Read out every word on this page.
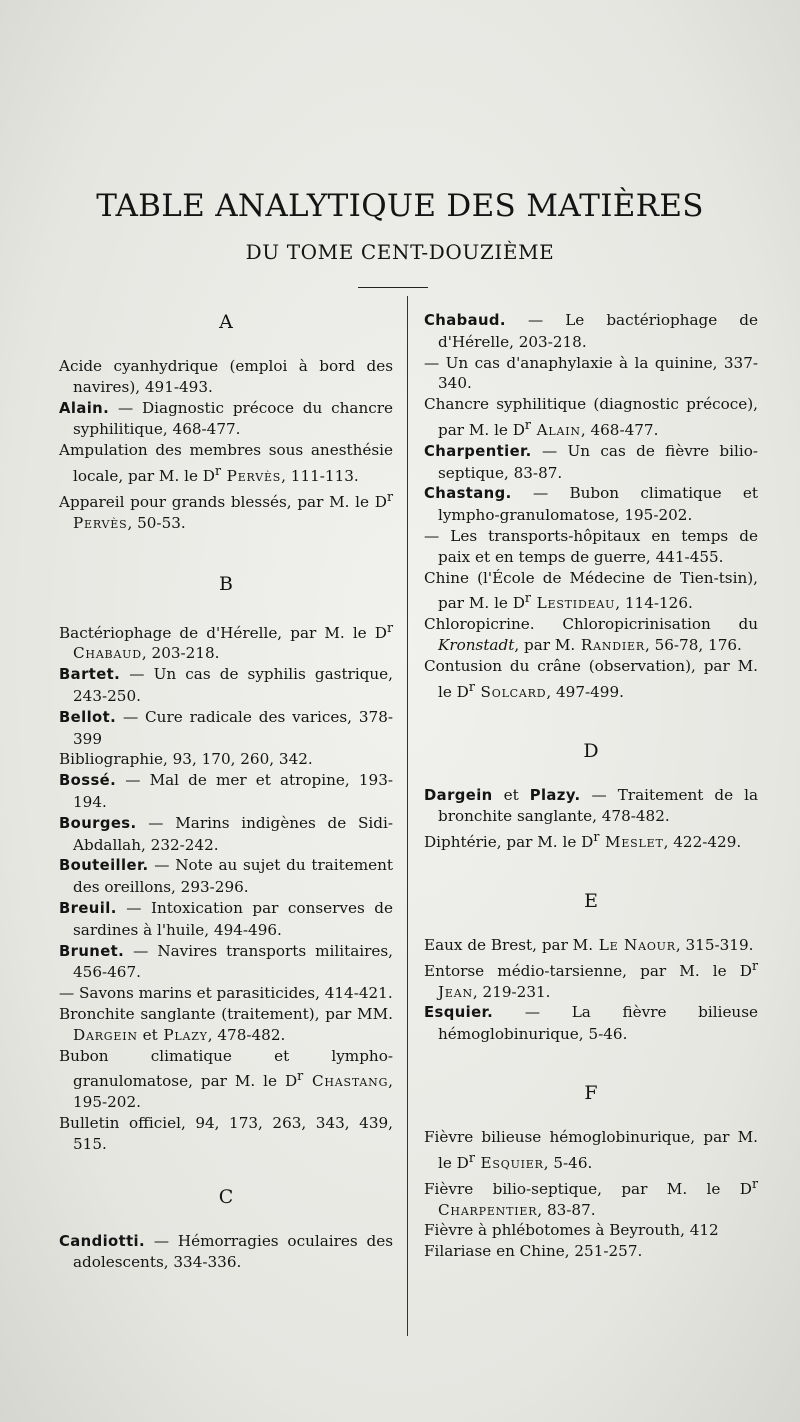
TABLE ANALYTIQUE DES MATIÈRES
DU TOME CENT-DOUZIÈME
A
Acide cyanhydrique (emploi à bord des navires), 491-493.
Alain. — Diagnostic précoce du chancre syphilitique, 468-477.
Ampulation des membres sous anesthésie locale, par M. le $D^r$ Pervès, 111-113.
Appareil pour grands blessés, par M. le $D^r$ Pervès, 50-53.
B
Bactériophage de d'Hérelle, par M. le $D^r$ Chabaud, 203-218.
Bartet. — Un cas de syphilis gastrique, 243-250.
Bellot. — Cure radicale des varices, 378-399
Bibliographie, 93, 170, 260, 342.
Bossé. — Mal de mer et atropine, 193-194.
Bourges. — Marins indigènes de Sidi-Abdallah, 232-242.
Bouteiller. — Note au sujet du traitement des oreillons, 293-296.
Breuil. — Intoxication par conserves de sardines à l'huile, 494-496.
Brunet. — Navires transports militaires, 456-467.
— Savons marins et parasiticides, 414-421.
Bronchite sanglante (traitement), par MM. Dargein et Plazy, 478-482.
Bubon climatique et lympho-granulomatose, par M. le $D^r$ Chastang, 195-202.
Bulletin officiel, 94, 173, 263, 343, 439, 515.
C
Candiotti. — Hémorragies oculaires des adolescents, 334-336.
Chabaud. — Le bactériophage de d'Hérelle, 203-218.
— Un cas d'anaphylaxie à la quinine, 337-340.
Chancre syphilitique (diagnostic précoce), par M. le $D^r$ Alain, 468-477.
Charpentier. — Un cas de fièvre bilio-septique, 83-87.
Chastang. — Bubon climatique et lympho-granulomatose, 195-202.
— Les transports-hôpitaux en temps de paix et en temps de guerre, 441-455.
Chine (l'École de Médecine de Tien-tsin), par M. le $D^r$ Lestideau, 114-126.
Chloropicrine. Chloropicrinisation du Kronstadt, par M. Randier, 56-78, 176.
Contusion du crâne (observation), par M. le $D^r$ Solcard, 497-499.
D
Dargein et Plazy. — Traitement de la bronchite sanglante, 478-482.
Diphtérie, par M. le $D^r$ Meslet, 422-429.
E
Eaux de Brest, par M. Le Naour, 315-319.
Entorse médio-tarsienne, par M. le $D^r$ Jean, 219-231.
Esquier. — La fièvre bilieuse hémoglobinurique, 5-46.
F
Fièvre bilieuse hémoglobinurique, par M. le $D^r$ Esquier, 5-46.
Fièvre bilio-septique, par M. le $D^r$ Charpentier, 83-87.
Fièvre à phlébotomes à Beyrouth, 412
Filariase en Chine, 251-257.
